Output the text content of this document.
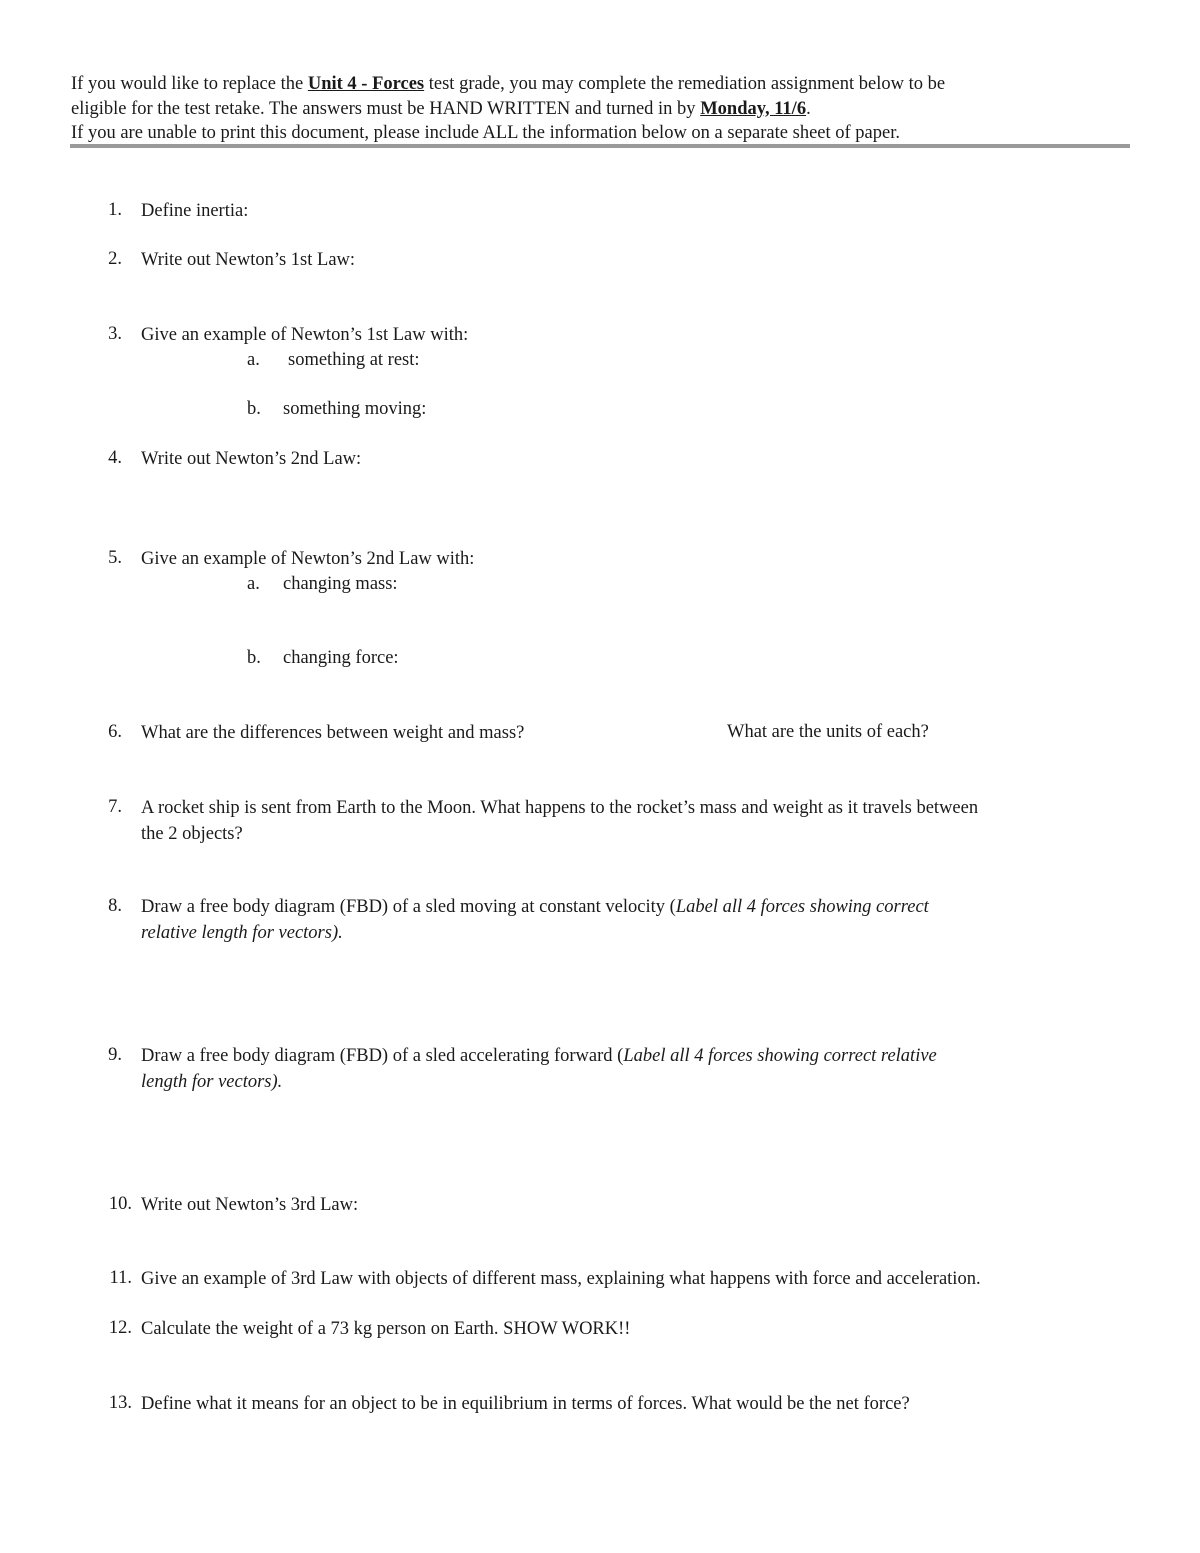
If you would like to replace the Unit 4 - Forces test grade, you may complete the remediation assignment below to be

eligible for the test retake. The answers must be HAND WRITTEN and turned in by Monday, 11/6.

If you are unable to print this document, please include ALL the information below on a separate sheet of paper.

1. Define inertia:
2. Write out Newton’s 1st Law:
3. Give an example of Newton’s 1st Law with:
a. something at rest:
b. something moving:
4. Write out Newton’s 2nd Law:
5. Give an example of Newton’s 2nd Law with:
a. changing mass:
b. changing force:
6. What are the differences between weight and mass?	What are the units of each?
7. A rocket ship is sent from Earth to the Moon. What happens to the rocket’s mass and weight as it travels between
the 2 objects?
8. Draw a free body diagram (FBD) of a sled moving at constant velocity (Label all 4 forces showing correct
relative length for vectors).
9. Draw a free body diagram (FBD) of a sled accelerating forward (Label all 4 forces showing correct relative
length for vectors).
10. Write out Newton’s 3rd Law:
11. Give an example of 3rd Law with objects of different mass, explaining what happens with force and acceleration.
12. Calculate the weight of a 73 kg person on Earth. SHOW WORK!!
13. Define what it means for an object to be in equilibrium in terms of forces. What would be the net force?
